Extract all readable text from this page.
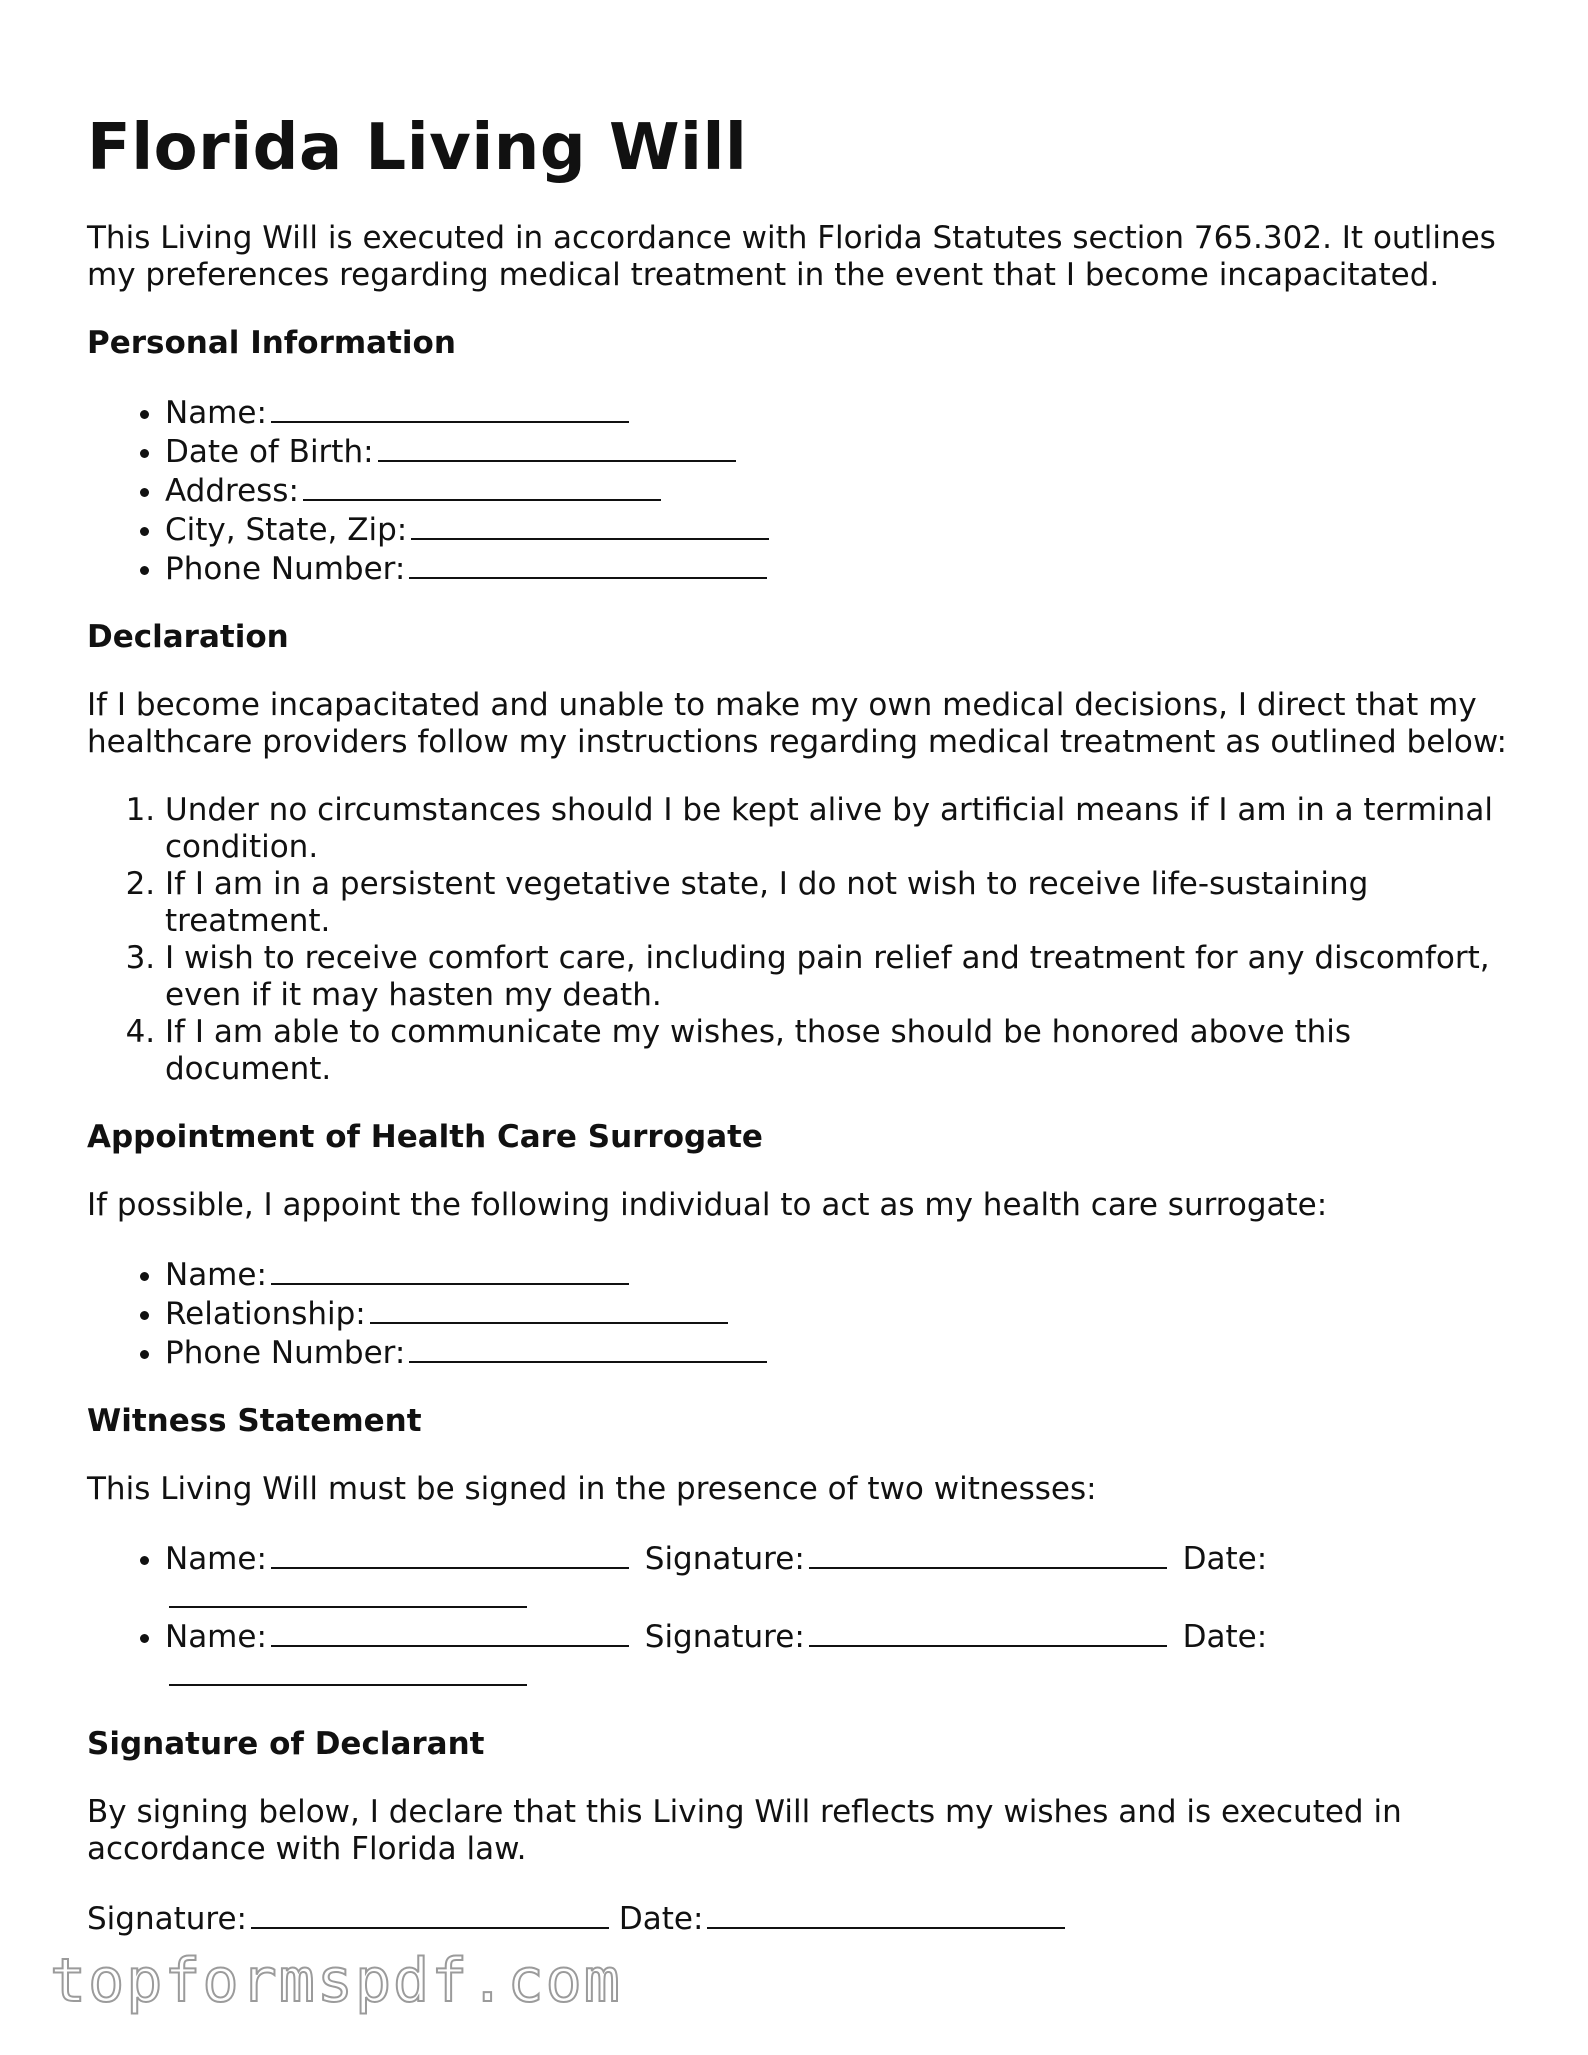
Florida Living Will

This Living Will is executed in accordance with Florida Statutes section 765.302. It outlines my preferences regarding medical treatment in the event that I become incapacitated.

Personal Information
• Name:
• Date of Birth:
• Address:
• City, State, Zip:
• Phone Number:
Declaration

If I become incapacitated and unable to make my own medical decisions, I direct that my healthcare providers follow my instructions regarding medical treatment as outlined below:

1. Under no circumstances should I be kept alive by artificial means if I am in a terminal condition.
2. If I am in a persistent vegetative state, I do not wish to receive life-sustaining treatment.
3. I wish to receive comfort care, including pain relief and treatment for any discomfort, even if it may hasten my death.
4. If I am able to communicate my wishes, those should be honored above this document.
Appointment of Health Care Surrogate

If possible, I appoint the following individual to act as my health care surrogate:

• Name:
• Relationship:
• Phone Number:
Witness Statement

This Living Will must be signed in the presence of two witnesses:

• Name:	Signature:	Date:
• Name:	Signature:	Date:
Signature of Declarant

By signing below, I declare that this Living Will reflects my wishes and is executed in accordance with Florida law.

Signature:	Date:

topformspdf.com
